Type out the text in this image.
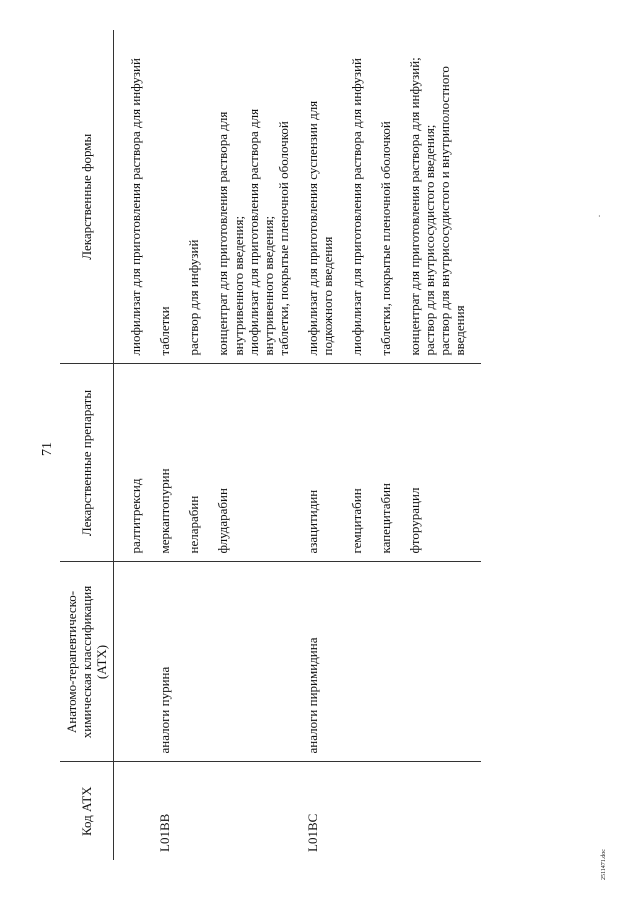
71
Код АТХ	Анатомо-терапевтическо-химическая классификация (АТХ)	Лекарственные препараты	Лекарственные формы
		ралтитрексид	лиофилизат для приготовления раствора для инфузий

L01BB	аналоги пурина	меркаптопурин	таблетки

		неларабин	раствор для инфузий

		флударабин	концентрат для приготовления раствора для внутривенного введения; лиофилизат для приготовления раствора для внутривенного введения; таблетки, покрытые пленочной оболочкой

L01BC	аналоги пиримидина	азацитидин	лиофилизат для приготовления суспензии для подкожного введения

		гемцитабин	лиофилизат для приготовления раствора для инфузий

		капецитабин	таблетки, покрытые пленочной оболочкой

		фторурацил	концентрат для приготовления раствора для инфузий; раствор для внутрисосудистого введения; раствор для внутрисосудистого и внутриполостного введения
·
2511471.doc
